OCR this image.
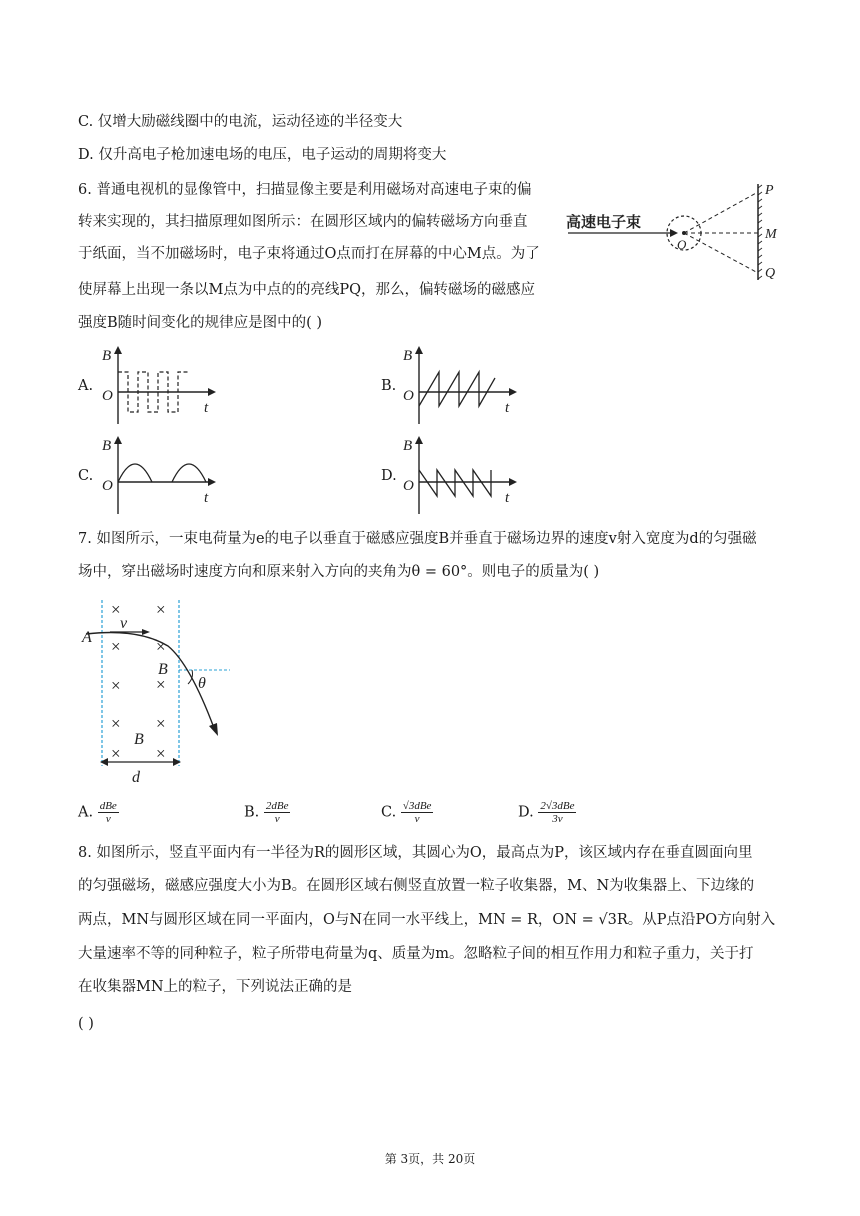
C. 仅增大励磁线圈中的电流，运动径迹的半径变大
D. 仅升高电子枪加速电场的电压，电子运动的周期将变大
6. 普通电视机的显像管中，扫描显像主要是利用磁场对高速电子束的偏
转来实现的，其扫描原理如图所示：在圆形区域内的偏转磁场方向垂直
于纸面，当不加磁场时，电子束将通过O点而打在屏幕的中心M点。为了
使屏幕上出现一条以M点为中点的的亮线PQ，那么，偏转磁场的磁感应
强度B随时间变化的规律应是图中的( )
高速电子束
O
P
M
Q
A.
B
O
t
B.
B
O
t
C.
B
O
t
D.
B
O
t
7. 如图所示，一束电荷量为e的电子以垂直于磁感应强度B并垂直于磁场边界的速度v射入宽度为d的匀强磁
场中，穿出磁场时速度方向和原来射入方向的夹角为θ = 60°。则电子的质量为( )
× ×
× ×
×
×
× ×
× ×
A
v
B
θ
B
d
A. $\frac{\text{dBe}}{v}$	B. $\frac{\text{2dBe}}{v}$	C. $\frac{\text{√3dBe}}{v}$	D. $\frac{\text{2√3dBe}}{3v}$
8. 如图所示，竖直平面内有一半径为R的圆形区域，其圆心为O，最高点为P，该区域内存在垂直圆面向里
的匀强磁场，磁感应强度大小为B。在圆形区域右侧竖直放置一粒子收集器，M、N为收集器上、下边缘的
两点，MN与圆形区域在同一平面内，O与N在同一水平线上，MN = R，ON = √3R。从P点沿PO方向射入
大量速率不等的同种粒子，粒子所带电荷量为q、质量为m。忽略粒子间的相互作用力和粒子重力，关于打
在收集器MN上的粒子，下列说法正确的是
( )
第 3页，共 20页
